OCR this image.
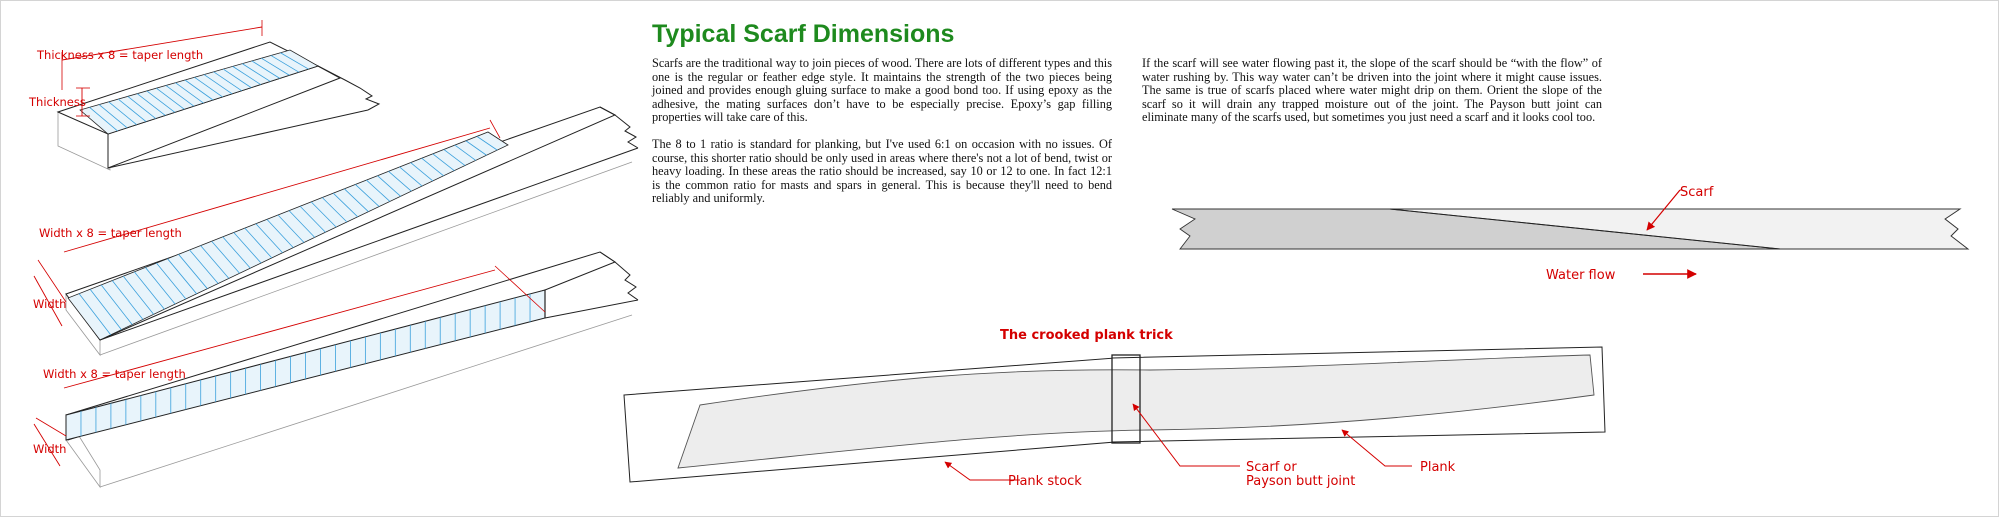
Thickness x 8 = taper length
Thickness
Width x 8 = taper length
Width
Width x 8 = taper length
Width
Scarf
Water flow
The crooked plank trick
Plank stock
Scarf or
Payson butt joint
Plank
Typical Scarf Dimensions

Scarfs are the traditional way to join pieces of wood. There are lots of different types and this one is the regular or feather edge style. It maintains the strength of the two pieces being joined and provides enough gluing surface to make a good bond too. If using epoxy as the adhesive, the mating surfaces don’t have to be especially precise. Epoxy’s gap filling properties will take care of this.

The 8 to 1 ratio is standard for planking, but I've used 6:1 on occasion with no issues. Of course, this shorter ratio should be only used in areas where there's not a lot of bend, twist or heavy loading. In these areas the ratio should be increased, say 10 or 12 to one. In fact 12:1 is the common ratio for masts and spars in general. This is because they'll need to bend reliably and uniformly.

If the scarf will see water flowing past it, the slope of the scarf should be “with the flow” of water rushing by. This way water can’t be driven into the joint where it might cause issues. The same is true of scarfs placed where water might drip on them. Orient the slope of the scarf so it will drain any trapped moisture out of the joint. The Payson butt joint can eliminate many of the scarfs used, but sometimes you just need a scarf and it looks cool too.
